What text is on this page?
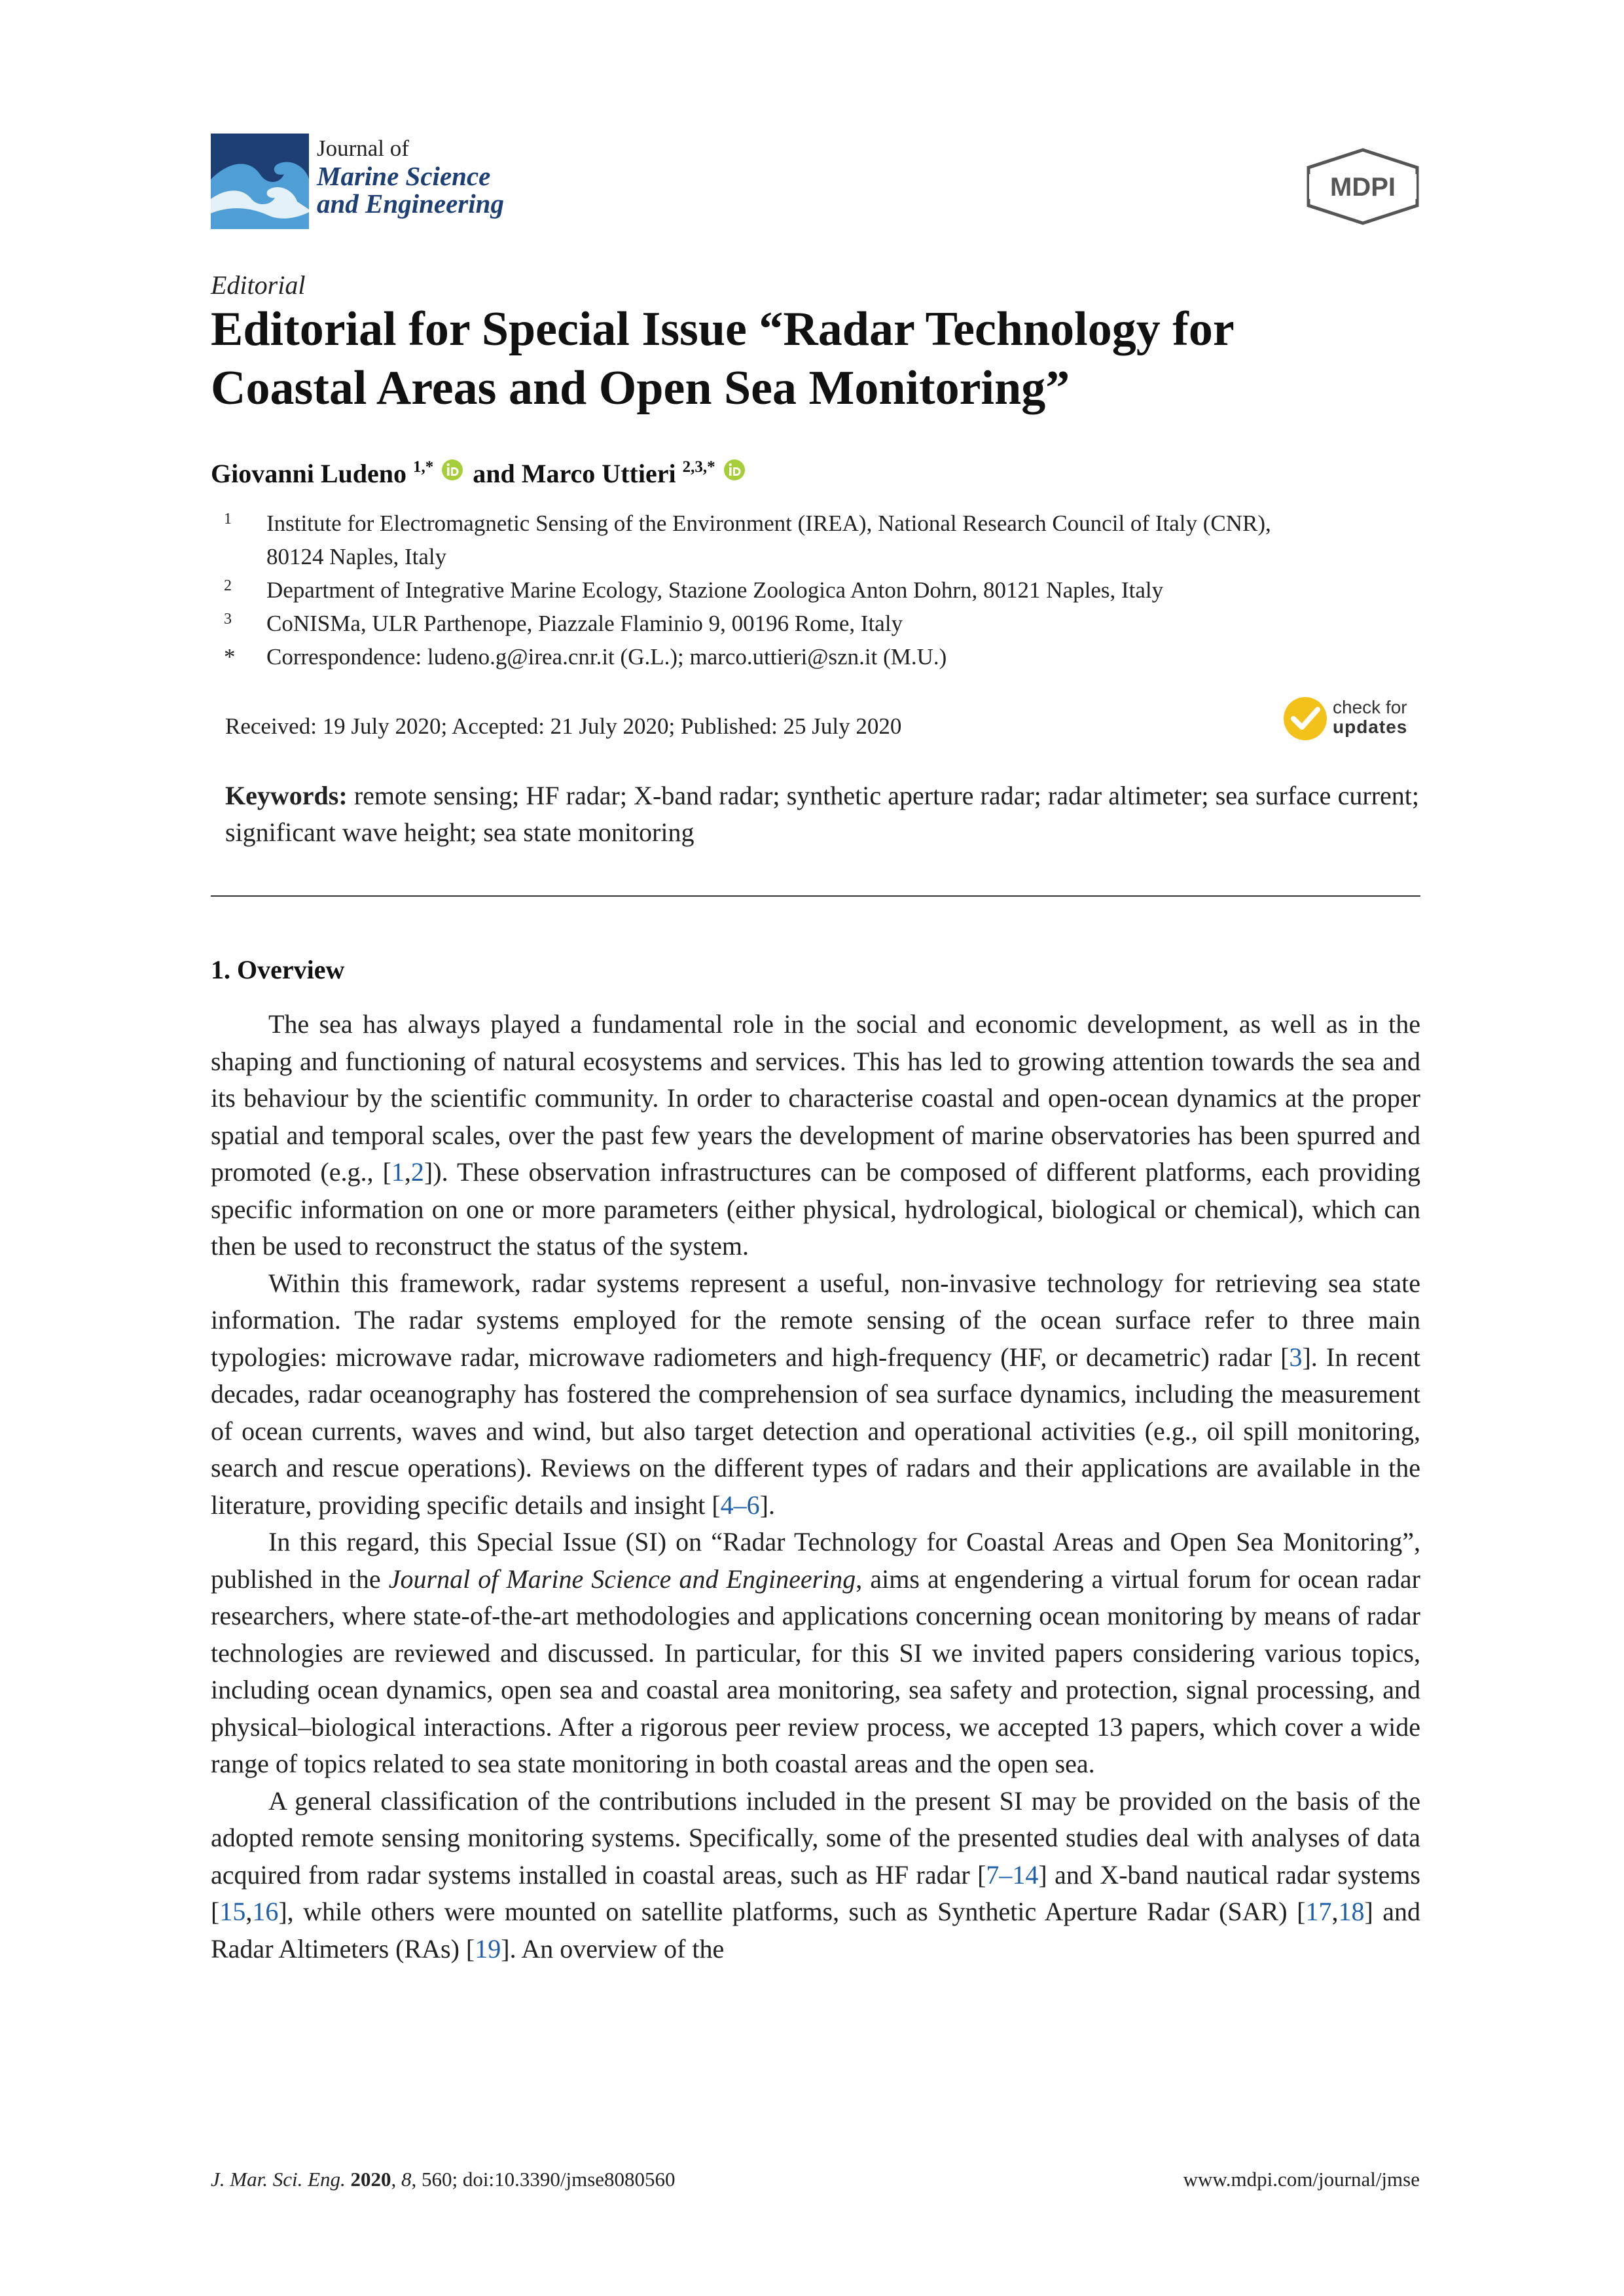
Journal of
Marine Science
and Engineering
MDPI
Editorial
Editorial for Special Issue “Radar Technology for
Coastal Areas and Open Sea Monitoring”
Giovanni Ludeno $^{1,*}$ and Marco Uttieri $^{2,3,*}$
1 Institute for Electromagnetic Sensing of the Environment (IREA), National Research Council of Italy (CNR),
80124 Naples, Italy
2 Department of Integrative Marine Ecology, Stazione Zoologica Anton Dohrn, 80121 Naples, Italy
3 CoNISMa, ULR Parthenope, Piazzale Flaminio 9, 00196 Rome, Italy
* Correspondence: ludeno.g@irea.cnr.it (G.L.); marco.uttieri@szn.it (M.U.)
Received: 19 July 2020; Accepted: 21 July 2020; Published: 25 July 2020
check for
updates
Keywords: remote sensing; HF radar; X-band radar; synthetic aperture radar; radar altimeter; sea surface current; significant wave height; sea state monitoring
1. Overview

The sea has always played a fundamental role in the social and economic development, as well as in the shaping and functioning of natural ecosystems and services. This has led to growing attention towards the sea and its behaviour by the scientific community. In order to characterise coastal and open-ocean dynamics at the proper spatial and temporal scales, over the past few years the development of marine observatories has been spurred and promoted (e.g., [1,2]). These observation infrastructures can be composed of different platforms, each providing specific information on one or more parameters (either physical, hydrological, biological or chemical), which can then be used to reconstruct the status of the system.

Within this framework, radar systems represent a useful, non-invasive technology for retrieving sea state information. The radar systems employed for the remote sensing of the ocean surface refer to three main typologies: microwave radar, microwave radiometers and high-frequency (HF, or decametric) radar [3]. In recent decades, radar oceanography has fostered the comprehension of sea surface dynamics, including the measurement of ocean currents, waves and wind, but also target detection and operational activities (e.g., oil spill monitoring, search and rescue operations). Reviews on the different types of radars and their applications are available in the literature, providing specific details and insight [4–6].

In this regard, this Special Issue (SI) on “Radar Technology for Coastal Areas and Open Sea Monitoring”, published in the Journal of Marine Science and Engineering, aims at engendering a virtual forum for ocean radar researchers, where state-of-the-art methodologies and applications concerning ocean monitoring by means of radar technologies are reviewed and discussed. In particular, for this SI we invited papers considering various topics, including ocean dynamics, open sea and coastal area monitoring, sea safety and protection, signal processing, and physical–biological interactions. After a rigorous peer review process, we accepted 13 papers, which cover a wide range of topics related to sea state monitoring in both coastal areas and the open sea.

A general classification of the contributions included in the present SI may be provided on the basis of the adopted remote sensing monitoring systems. Specifically, some of the presented studies deal with analyses of data acquired from radar systems installed in coastal areas, such as HF radar [7–14] and X-band nautical radar systems [15,16], while others were mounted on satellite platforms, such as Synthetic Aperture Radar (SAR) [17,18] and Radar Altimeters (RAs) [19]. An overview of the

J. Mar. Sci. Eng. 2020, 8, 560; doi:10.3390/jmse8080560	www.mdpi.com/journal/jmse
